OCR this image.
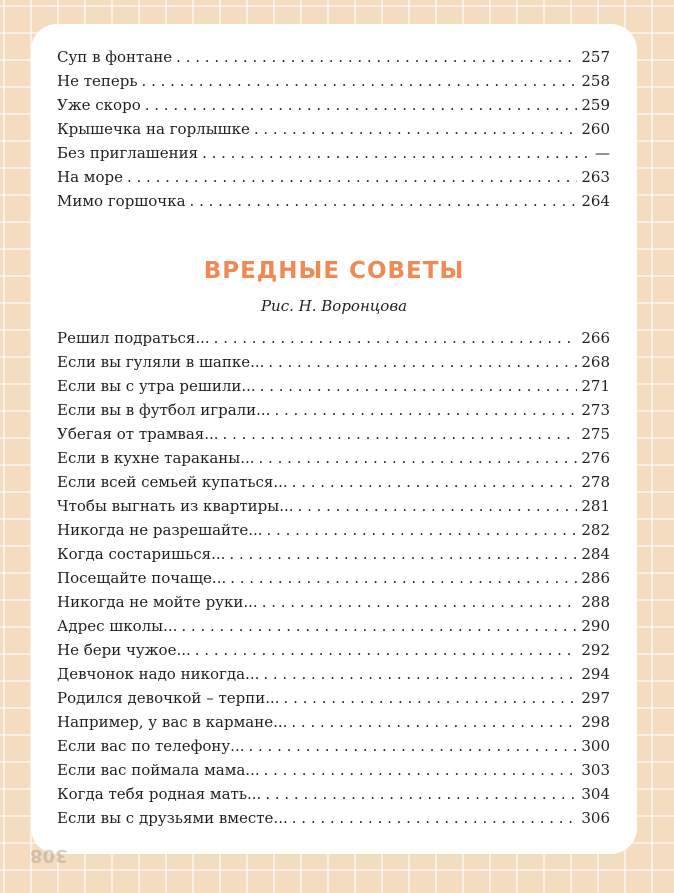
Суп в фонтане . . .	257
Не теперь . . .	258
Уже скоро . . .	259
Крышечка на горлышке . . .	260
Без приглашения . . .	—
На море . . .	263
Мимо горшочка . . .	264
ВРЕДНЫЕ СОВЕТЫ
Рис. Н. Воронцова
Решил подраться... . . .	266
Если вы гуляли в шапке... . . .	268
Если вы с утра решили... . . .	271
Если вы в футбол играли... . . .	273
Убегая от трамвая... . . .	275
Если в кухне тараканы... . . .	276
Если всей семьей купаться... . . .	278
Чтобы выгнать из квартиры... . . .	281
Никогда не разрешайте... . . .	282
Когда состаришься... . . .	284
Посещайте почаще... . . .	286
Никогда не мойте руки... . . .	288
Адрес школы... . . .	290
Не бери чужое... . . .	292
Девчонок надо никогда... . . .	294
Родился девочкой – терпи... . . .	297
Например, у вас в кармане... . . .	298
Если вас по телефону... . . .	300
Если вас поймала мама... . . .	303
Когда тебя родная мать... . . .	304
Если вы с друзьями вместе... . . .	306
308
